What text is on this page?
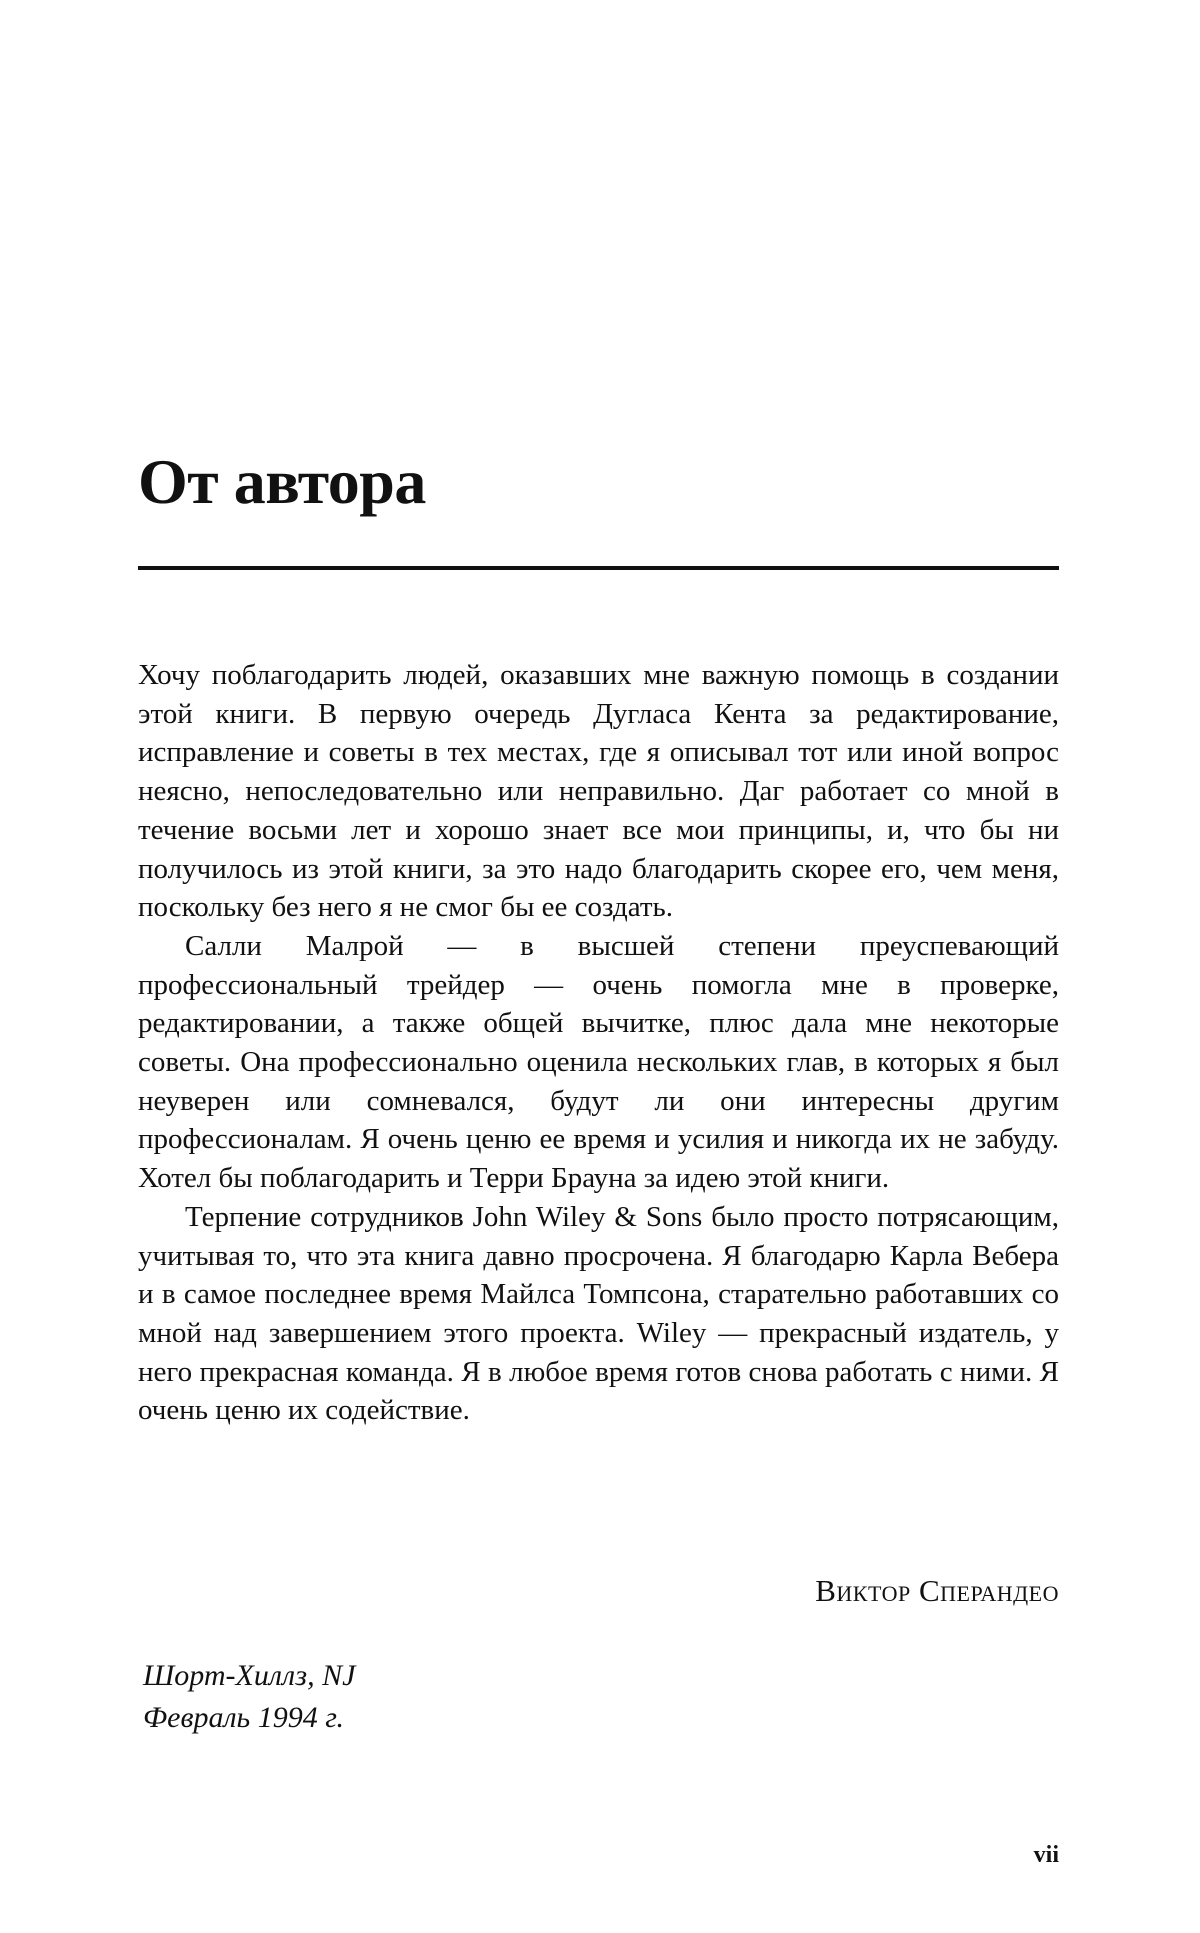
От автора

Хочу поблагодарить людей, оказавших мне важную помощь в создании этой книги. В первую очередь Дугласа Кента за редактирование, исправление и советы в тех местах, где я описывал тот или иной вопрос неясно, непоследовательно или неправильно. Даг работает со мной в течение восьми лет и хорошо знает все мои принципы, и, что бы ни получилось из этой книги, за это надо благодарить скорее его, чем меня, поскольку без него я не смог бы ее создать.

Салли Малрой — в высшей степени преуспевающий профессиональный трейдер — очень помогла мне в проверке, редактировании, а также общей вычитке, плюс дала мне некоторые советы. Она профессионально оценила нескольких глав, в которых я был неуверен или сомневался, будут ли они интересны другим профессионалам. Я очень ценю ее время и усилия и никогда их не забуду. Хотел бы поблагодарить и Терри Брауна за идею этой книги.

Терпение сотрудников John Wiley & Sons было просто потрясающим, учитывая то, что эта книга давно просрочена. Я благодарю Карла Вебера и в самое последнее время Майлса Томпсона, старательно работавших со мной над завершением этого проекта. Wiley — прекрасный издатель, у него прекрасная команда. Я в любое время готов снова работать с ними. Я очень ценю их содействие.

Виктор Сперандео
Шорт-Хиллз, NJ
Февраль 1994 г.
vii
